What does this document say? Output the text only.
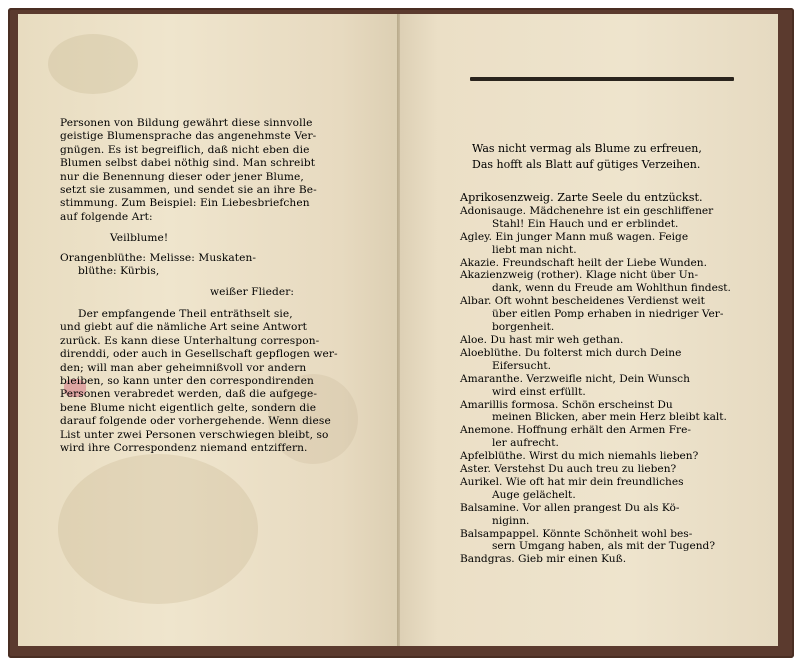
Personen von Bildung gewährt diese sinnvolle
geistige Blumensprache das angenehmste Ver-
gnügen. Es ist begreiflich, daß nicht eben die
Blumen selbst dabei nöthig sind. Man schreibt
nur die Benennung dieser oder jener Blume,
setzt sie zusammen, und sendet sie an ihre Be-
stimmung. Zum Beispiel: Ein Liebesbriefchen
auf folgende Art:
Veilblume!
Orangenblüthe: Melisse: Muskaten-
blüthe: Kürbis,
weißer Flieder:
Der empfangende Theil enträthselt sie,
und giebt auf die nämliche Art seine Antwort
zurück. Es kann diese Unterhaltung correspon-
direnddi, oder auch in Gesellschaft gepflogen wer-
den; will man aber geheimnißvoll vor andern
bleiben, so kann unter den correspondirenden
Personen verabredet werden, daß die aufgege-
bene Blume nicht eigentlich gelte, sondern die
darauf folgende oder vorhergehende. Wenn diese
List unter zwei Personen verschwiegen bleibt, so
wird ihre Correspondenz niemand entziffern.
Was nicht vermag als Blume zu erfreuen,
Das hofft als Blatt auf gütiges Verzeihen.
Aprikosenzweig. Zarte Seele du entzückst.
Adonisauge. Mädchenehre ist ein geschliffener
Stahl! Ein Hauch und er erblindet.
Agley. Ein junger Mann muß wagen. Feige
liebt man nicht.
Akazie. Freundschaft heilt der Liebe Wunden.
Akazienzweig (rother). Klage nicht über Un-
dank, wenn du Freude am Wohlthun findest.
Albar. Oft wohnt bescheidenes Verdienst weit
über eitlen Pomp erhaben in niedriger Ver-
borgenheit.
Aloe. Du hast mir weh gethan.
Aloeblüthe. Du folterst mich durch Deine
Eifersucht.
Amaranthe. Verzweifle nicht, Dein Wunsch
wird einst erfüllt.
Amarillis formosa. Schön erscheinst Du
meinen Blicken, aber mein Herz bleibt kalt.
Anemone. Hoffnung erhält den Armen Fre-
ler aufrecht.
Apfelblüthe. Wirst du mich niemahls lieben?
Aster. Verstehst Du auch treu zu lieben?
Aurikel. Wie oft hat mir dein freundliches
Auge gelächelt.
Balsamine. Vor allen prangest Du als Kö-
niginn.
Balsampappel. Könnte Schönheit wohl bes-
sern Umgang haben, als mit der Tugend?
Bandgras. Gieb mir einen Kuß.
